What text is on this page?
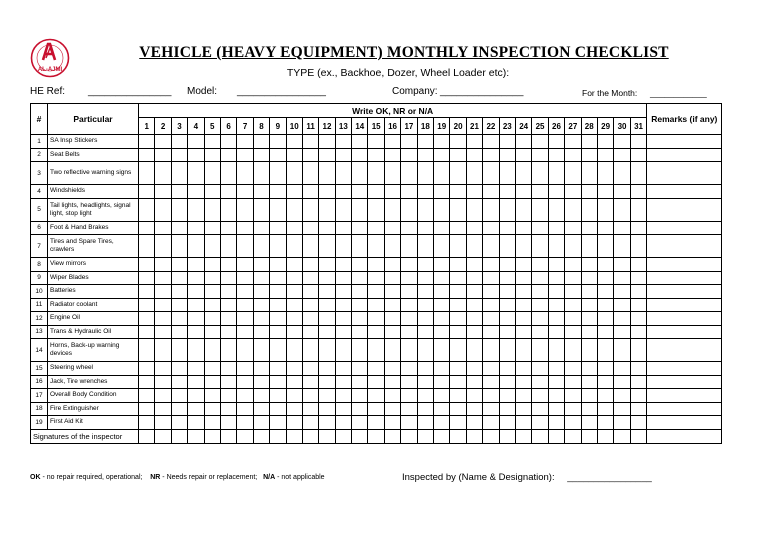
AL-AJMI
VEHICLE (HEAVY EQUIPMENT) MONTHLY INSPECTION CHECKLIST
TYPE (ex., Backhoe, Dozer, Wheel Loader etc):
HE Ref: _______________ Model: ________________	Company: _______________	For the Month: ____________
#	Particular	Write OK, NR or N/A																															Remarks (if any)
		1	2	3	4	5	6	7	8	9	10	11	12	13	14	15	16	17	18	19	20	21	22	23	24	25	26	27	28	29	30	31	
1	SA Insp Stickers																																
2	Seat Belts																																
3	Two reflective warning signs																																
4	Windshields																																
5	Tail lights, headlights, signal light, stop light																																
6	Foot & Hand Brakes																																
7	Tires and Spare Tires, crawlers																																
8	View mirrors																																
9	Wiper Blades																																
10	Batteries																																
11	Radiator coolant																																
12	Engine Oil																																
13	Trans & Hydraulic Oil																																
14	Horns, Back-up warning devices																																
15	Steering wheel																																
16	Jack, Tire wrenches																																
17	Overall Body Condition																																
18	Fire Extinguisher																																
19	First Aid Kit																																
Signatures of the inspector																																	
OK - no repair required, operational; NR - Needs repair or replacement; N/A - not applicable	Inspected by (Name & Designation): ________________
